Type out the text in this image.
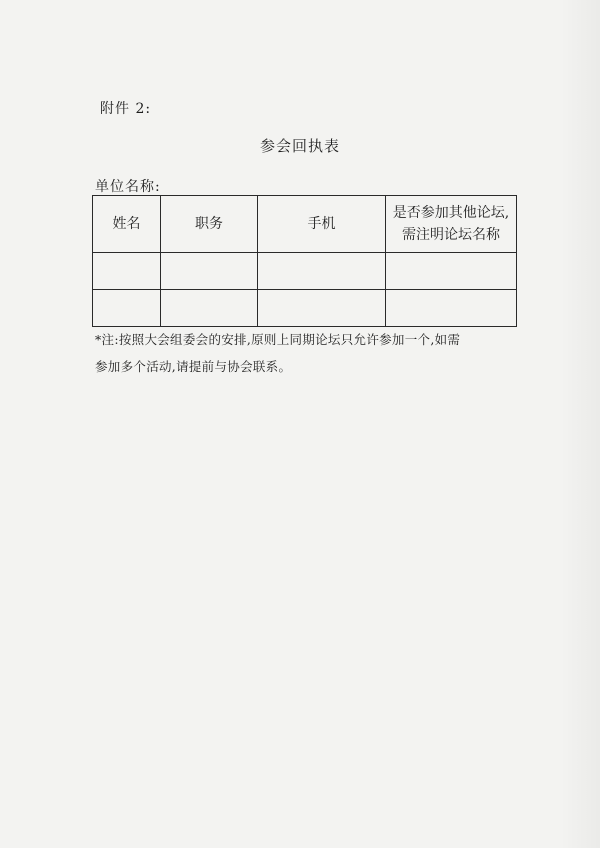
附件 2:
参会回执表
单位名称:
姓名	职务	手机	是否参加其他论坛,
需注明论坛名称

*注:按照大会组委会的安排,原则上同期论坛只允许参加一个,如需
参加多个活动,请提前与协会联系。
